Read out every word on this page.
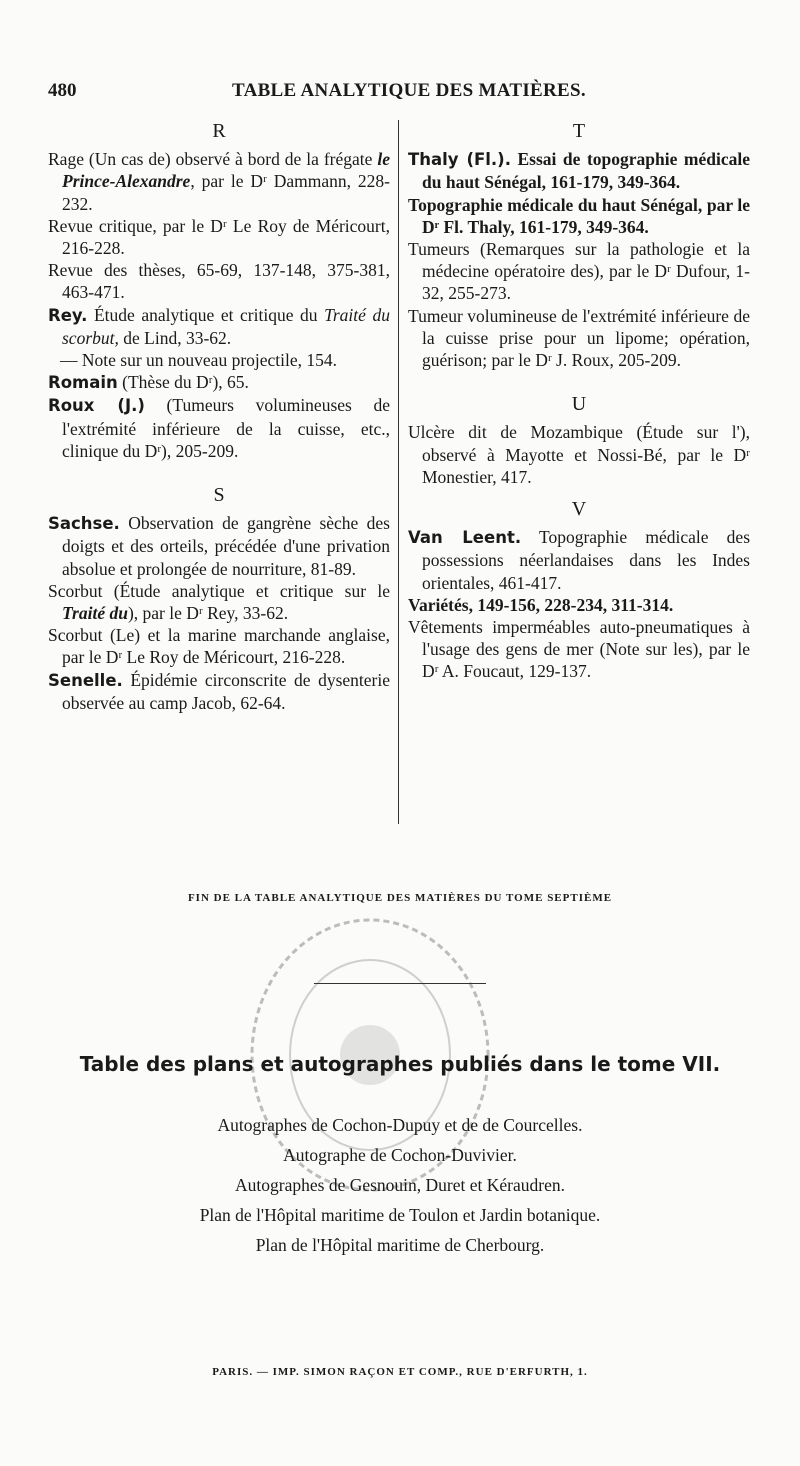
480	TABLE ANALYTIQUE DES MATIÈRES.
R

Rage (Un cas de) observé à bord de la frégate le Prince-Alexandre, par le Dʳ Dammann, 228-232.

Revue critique, par le Dʳ Le Roy de Méricourt, 216-228.

Revue des thèses, 65-69, 137-148, 375-381, 463-471.

Rey. Étude analytique et critique du Traité du scorbut, de Lind, 33-62.

— Note sur un nouveau projectile, 154.

Romain (Thèse du Dʳ), 65.

Roux (J.) (Tumeurs volumineuses de l'extrémité inférieure de la cuisse, etc., clinique du Dʳ), 205-209.

S

Sachse. Observation de gangrène sèche des doigts et des orteils, précédée d'une privation absolue et prolongée de nourriture, 81-89.

Scorbut (Étude analytique et critique sur le Traité du), par le Dʳ Rey, 33-62.

Scorbut (Le) et la marine marchande anglaise, par le Dʳ Le Roy de Méricourt, 216-228.

Senelle. Épidémie circonscrite de dysenterie observée au camp Jacob, 62-64.

T

Thaly (Fl.). Essai de topographie médicale du haut Sénégal, 161-179, 349-364.

Topographie médicale du haut Sénégal, par le Dʳ Fl. Thaly, 161-179, 349-364.

Tumeurs (Remarques sur la pathologie et la médecine opératoire des), par le Dʳ Dufour, 1-32, 255-273.

Tumeur volumineuse de l'extrémité inférieure de la cuisse prise pour un lipome; opération, guérison; par le Dʳ J. Roux, 205-209.

U

Ulcère dit de Mozambique (Étude sur l'), observé à Mayotte et Nossi-Bé, par le Dʳ Monestier, 417.

V

Van Leent. Topographie médicale des possessions néerlandaises dans les Indes orientales, 461-417.

Variétés, 149-156, 228-234, 311-314.

Vêtements imperméables auto-pneumatiques à l'usage des gens de mer (Note sur les), par le Dʳ A. Foucaut, 129-137.

FIN DE LA TABLE ANALYTIQUE DES MATIÈRES DU TOME SEPTIÈME
Table des plans et autographes publiés dans le tome VII.
Autographes de Cochon-Dupuy et de de Courcelles.
Autographe de Cochon-Duvivier.
Autographes de Gesnouin, Duret et Kéraudren.
Plan de l'Hôpital maritime de Toulon et Jardin botanique.
Plan de l'Hôpital maritime de Cherbourg.
PARIS. — IMP. SIMON RAÇON ET COMP., RUE D'ERFURTH, 1.
